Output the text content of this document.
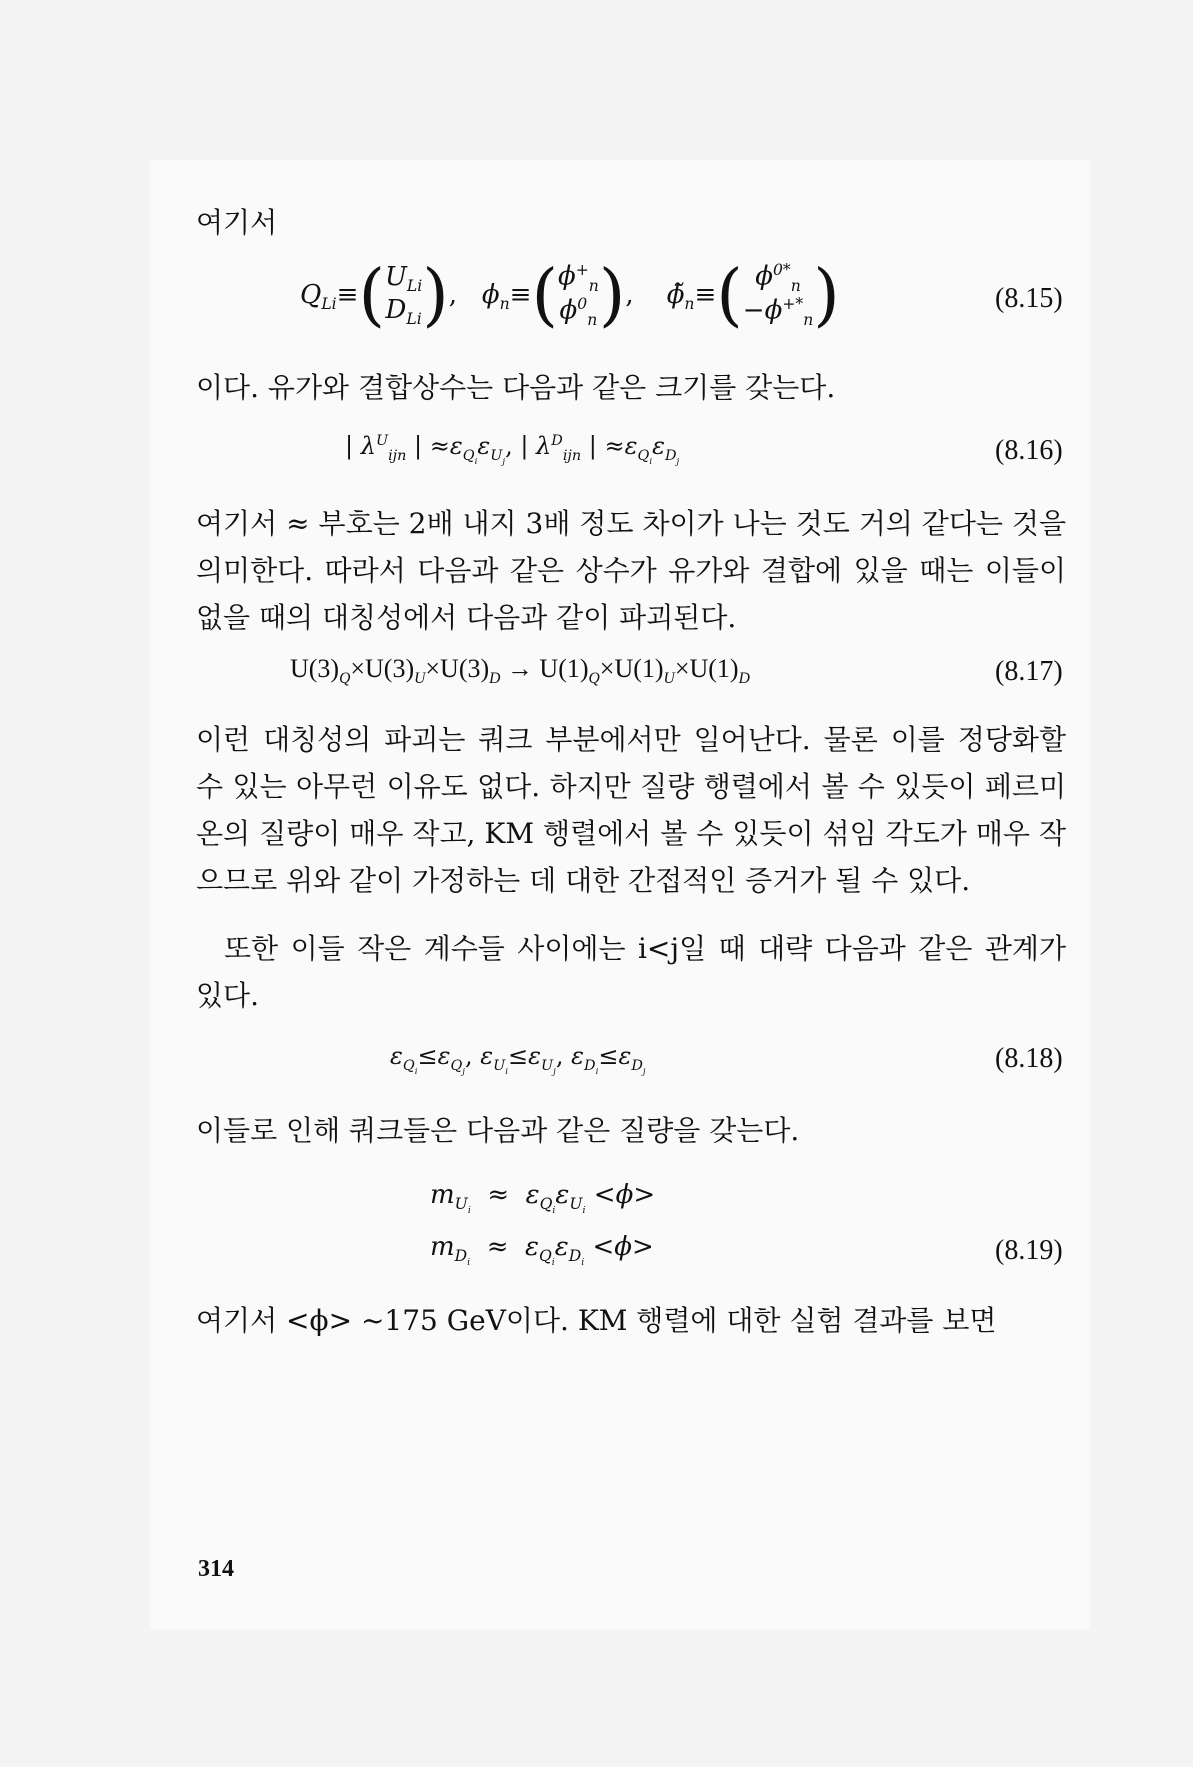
여기서
$Q_{Li}\equiv$( $U_{Li}$
$D_{Li}$ ),   $\phi_n\equiv$( $\phi^+_n$
$\phi^0_n$ ),    $\phĩ_n\equiv$( $\phi^{0*}_n$
$-\phi^{+*}_n$ )	(8.15)
이다. 유가와 결합상수는 다음과 같은 크기를 갖는다.
| $\lambda^U_{ijn}$ | $\approx\varepsilon_{Q_i}\varepsilon_{U_j}$, | $\lambda^D_{ijn}$ | $\approx\varepsilon_{Q_i}\varepsilon_{D_j}$	(8.16)
여기서 ≈ 부호는 2배 내지 3배 정도 차이가 나는 것도 거의 같다는 것을 의미한다. 따라서 다음과 같은 상수가 유가와 결합에 있을 때는 이들이 없을 때의 대칭성에서 다음과 같이 파괴된다.
$U(3)_Q\times U(3)_U\times U(3)_D \to U(1)_Q\times U(1)_U\times U(1)_D$	(8.17)
이런 대칭성의 파괴는 쿼크 부분에서만 일어난다. 물론 이를 정당화할 수 있는 아무런 이유도 없다. 하지만 질량 행렬에서 볼 수 있듯이 페르미온의 질량이 매우 작고, KM 행렬에서 볼 수 있듯이 섞임 각도가 매우 작으므로 위와 같이 가정하는 데 대한 간접적인 증거가 될 수 있다.
또한 이들 작은 계수들 사이에는 i<j일 때 대략 다음과 같은 관계가 있다.
$\varepsilon_{Q_i}\le\varepsilon_{Q_j}$, $\varepsilon_{U_i}\le\varepsilon_{U_j}$, $\varepsilon_{D_i}\le\varepsilon_{D_j}$	(8.18)
이들로 인해 쿼크들은 다음과 같은 질량을 갖는다.
$m_{U_i} \approx \varepsilon_{Q_i}\varepsilon_{U_i} <\phi>$
$m_{D_i} \approx \varepsilon_{Q_i}\varepsilon_{D_i} <\phi>$	(8.19)
여기서 <ϕ> ~175 GeV이다. KM 행렬에 대한 실험 결과를 보면
314
